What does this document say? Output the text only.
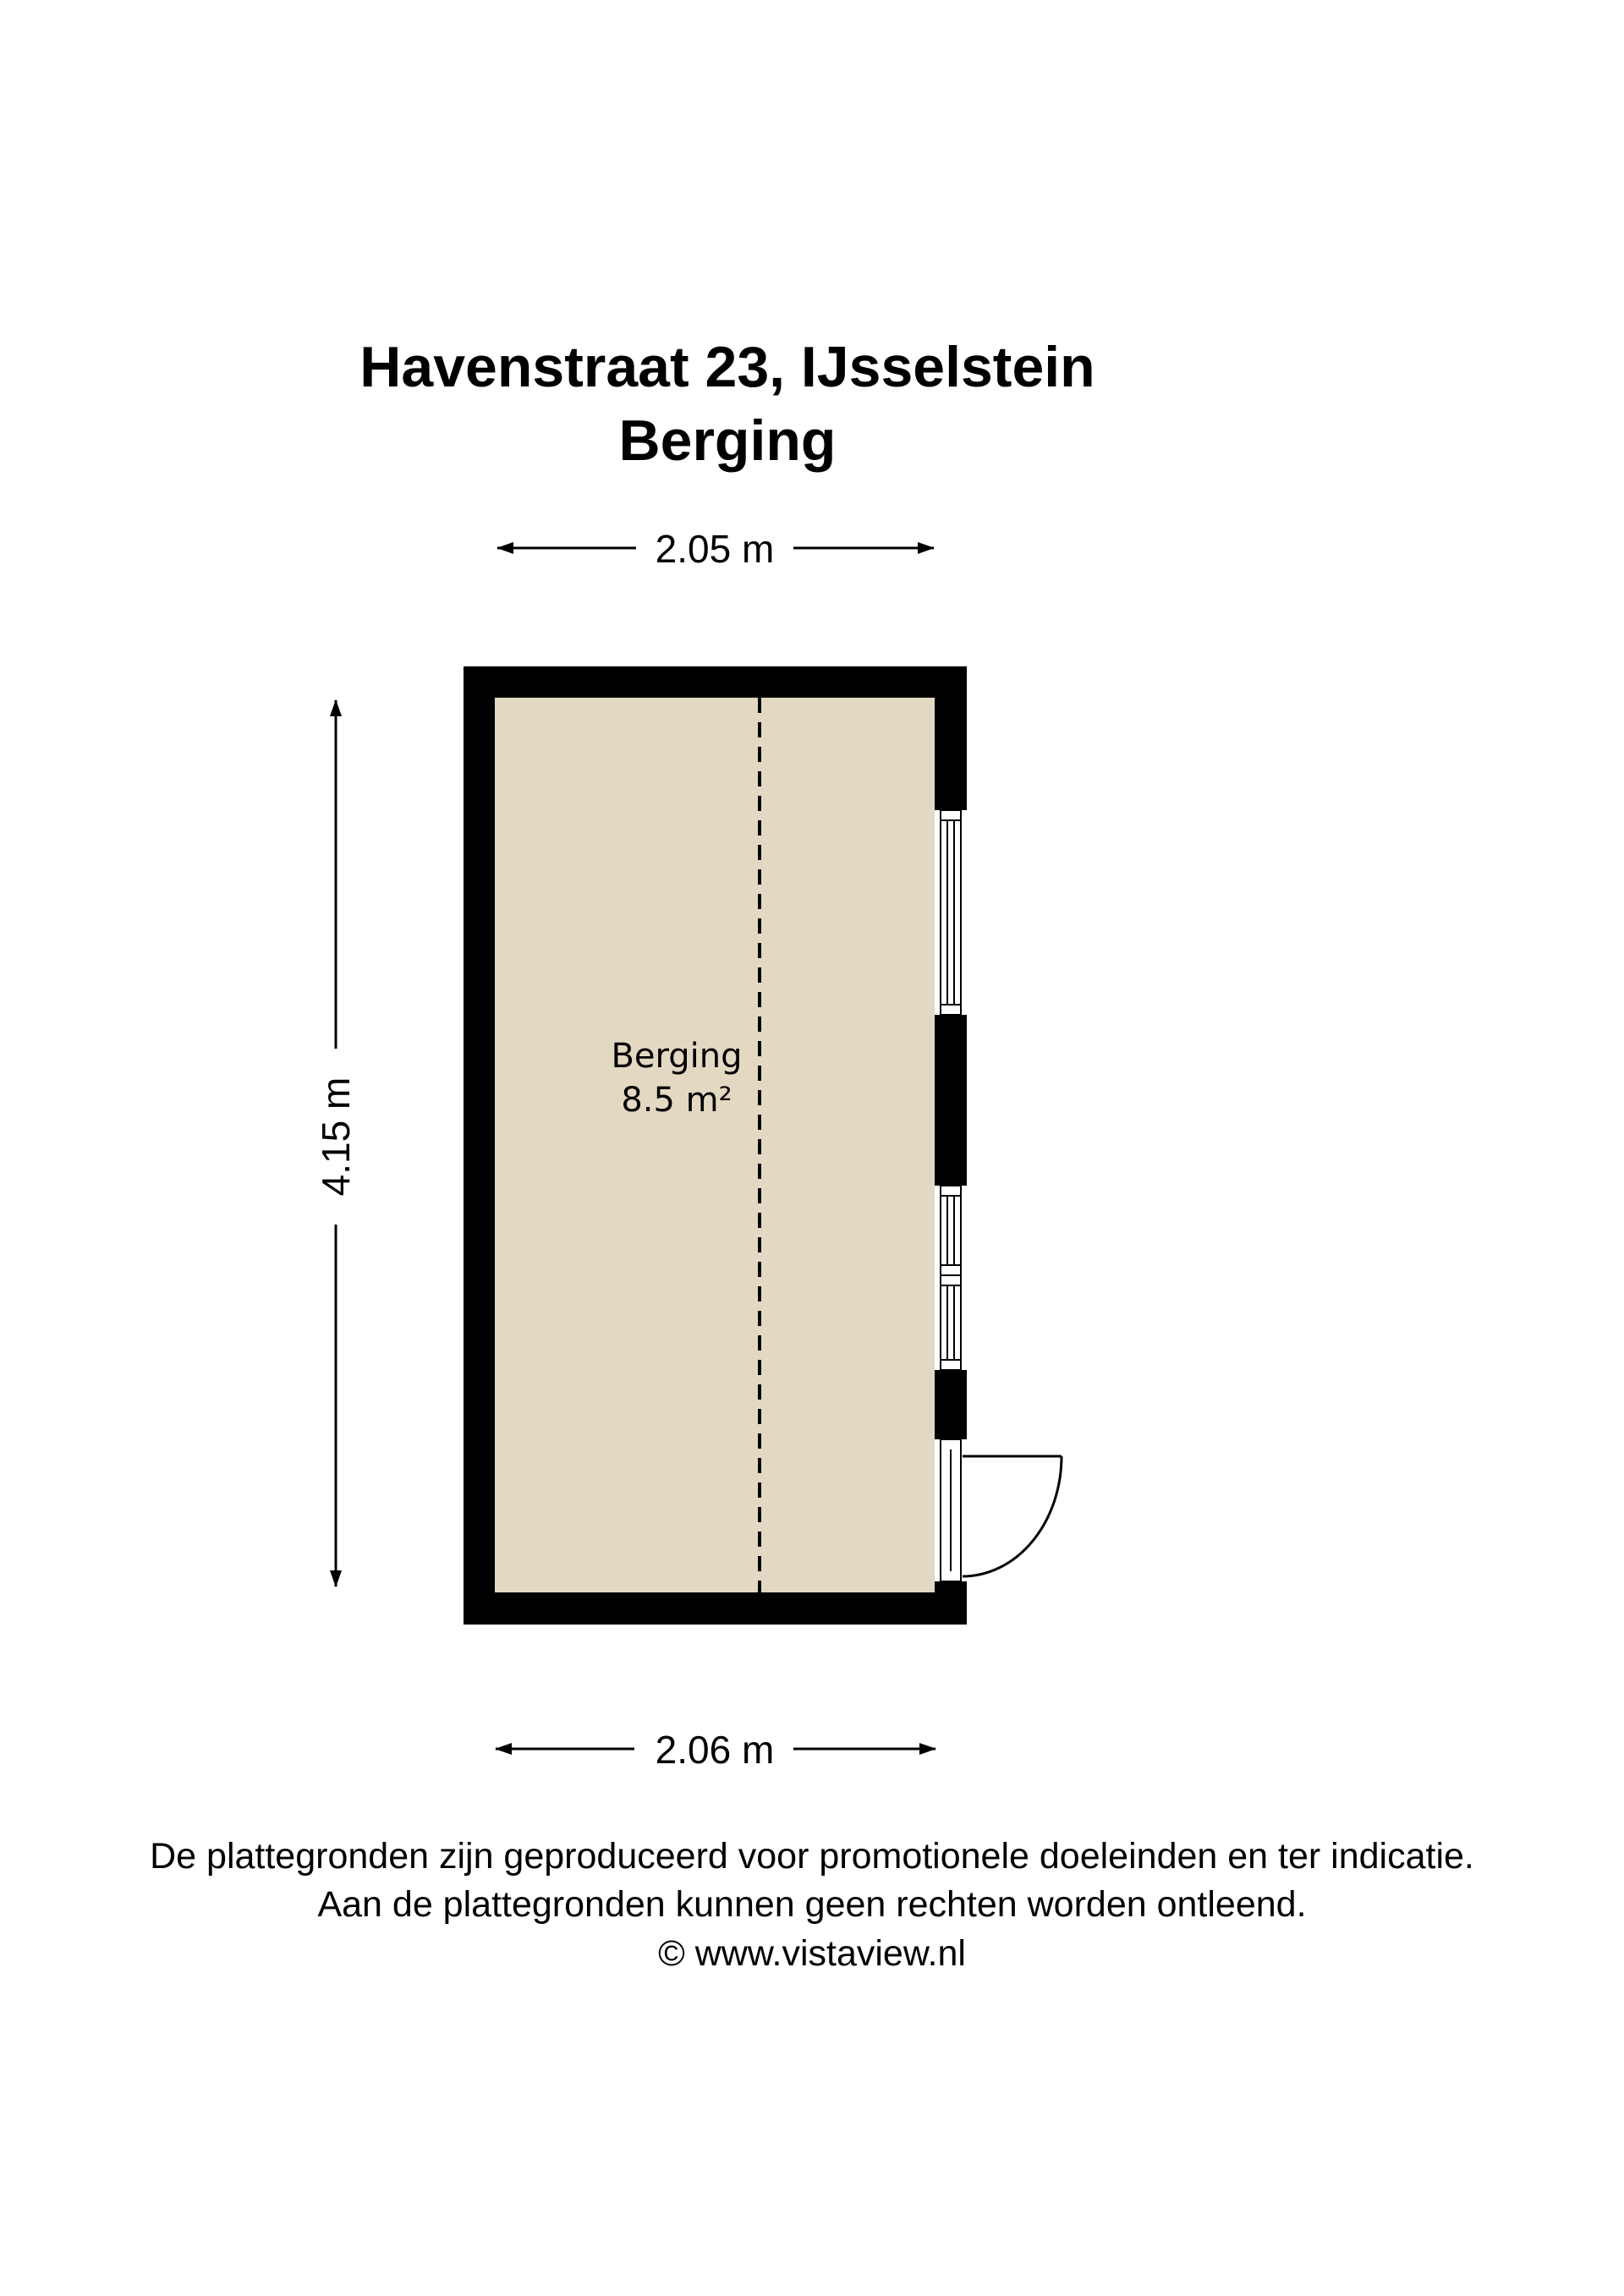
Havenstraat 23, IJsselstein
Berging
2.05 m
4.15 m
2.06 m
Berging
8.5 m²
De plattegronden zijn geproduceerd voor promotionele doeleinden en ter indicatie.
Aan de plattegronden kunnen geen rechten worden ontleend.
© www.vistaview.nl
